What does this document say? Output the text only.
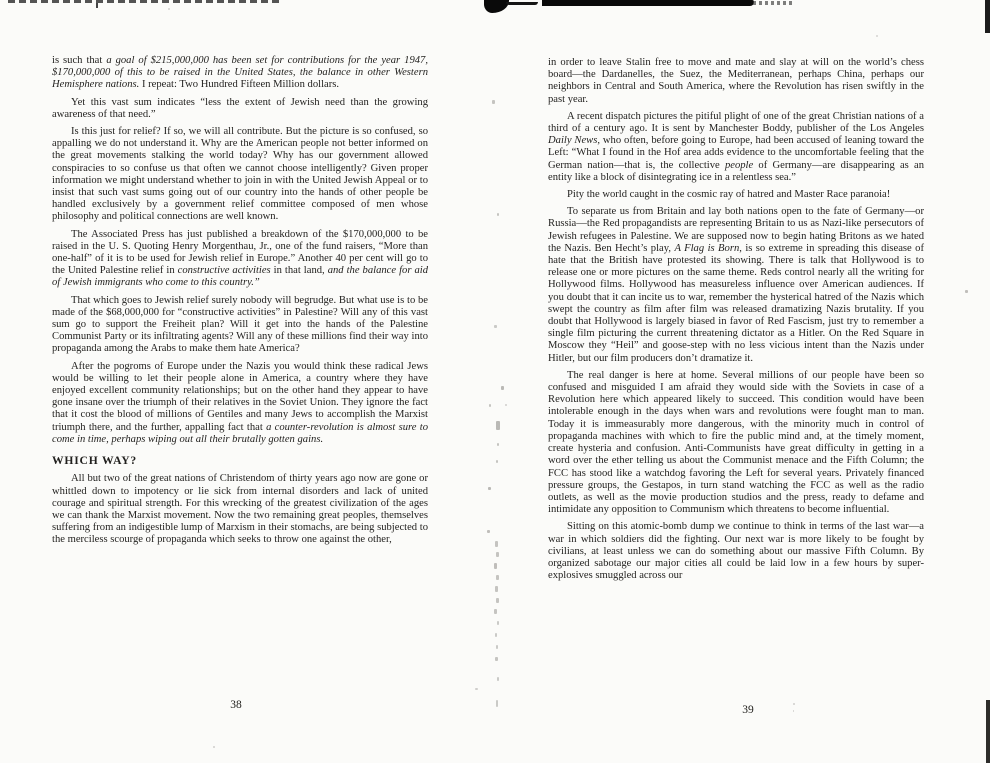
is such that a goal of $215,000,000 has been set for contributions for the year 1947, $170,000,000 of this to be raised in the United States, the balance in other Western Hemisphere nations. I repeat: Two Hundred Fifteen Million dollars.

Yet this vast sum indicates “less the extent of Jewish need than the growing awareness of that need.”

Is this just for relief? If so, we will all contribute. But the picture is so confused, so appalling we do not understand it. Why are the American people not better informed on the great movements stalking the world today? Why has our government allowed conspiracies to so confuse us that often we cannot choose intelligently? Given proper information we might understand whether to join in with the United Jewish Appeal or to insist that such vast sums going out of our country into the hands of other people be handled exclusively by a government relief committee composed of men whose philosophy and political connections are well known.

The Associated Press has just published a breakdown of the $170,000,000 to be raised in the U. S. Quoting Henry Morgenthau, Jr., one of the fund raisers, “More than one-half” of it is to be used for Jewish relief in Europe.” Another 40 per cent will go to the United Palestine relief in constructive activities in that land, and the balance for aid of Jewish immigrants who come to this country.”

That which goes to Jewish relief surely nobody will begrudge. But what use is to be made of the $68,000,000 for “constructive activities” in Palestine? Will any of this vast sum go to support the Freiheit plan? Will it get into the hands of the Palestine Communist Party or its infiltrating agents? Will any of these millions find their way into propaganda among the Arabs to make them hate America?

After the pogroms of Europe under the Nazis you would think these radical Jews would be willing to let their people alone in America, a country where they have enjoyed excellent community relationships; but on the other hand they appear to have gone insane over the triumph of their relatives in the Soviet Union. They ignore the fact that it cost the blood of millions of Gentiles and many Jews to accomplish the Marxist triumph there, and the further, appalling fact that a counter-revolution is almost sure to come in time, perhaps wiping out all their brutally gotten gains.

WHICH WAY?

All but two of the great nations of Christendom of thirty years ago now are gone or whittled down to impotency or lie sick from internal disorders and lack of united courage and spiritual strength. For this wrecking of the greatest civilization of the ages we can thank the Marxist movement. Now the two remaining great peoples, themselves suffering from an indigestible lump of Marxism in their stomachs, are being subjected to the merciless scourge of propaganda which seeks to throw one against the other,

in order to leave Stalin free to move and mate and slay at will on the world’s chess board—the Dardanelles, the Suez, the Mediterranean, perhaps China, perhaps our neighbors in Central and South America, where the Revolution has risen swiftly in the past year.

A recent dispatch pictures the pitiful plight of one of the great Christian nations of a third of a century ago. It is sent by Manchester Boddy, publisher of the Los Angeles Daily News, who often, before going to Europe, had been accused of leaning toward the Left: “What I found in the Hof area adds evidence to the uncomfortable feeling that the German nation—that is, the collective people of Germany—are disappearing as an entity like a block of disintegrating ice in a relentless sea.”

Pity the world caught in the cosmic ray of hatred and Master Race paranoia!

To separate us from Britain and lay both nations open to the fate of Germany—or Russia—the Red propagandists are representing Britain to us as Nazi-like persecutors of Jewish refugees in Palestine. We are supposed now to begin hating Britons as we hated the Nazis. Ben Hecht’s play, A Flag is Born, is so extreme in spreading this disease of hate that the British have protested its showing. There is talk that Hollywood is to release one or more pictures on the same theme. Reds control nearly all the writing for Hollywood films. Hollywood has measureless influence over American audiences. If you doubt that it can incite us to war, remember the hysterical hatred of the Nazis which swept the country as film after film was released dramatizing Nazis brutality. If you doubt that Hollywood is largely biased in favor of Red Fascism, just try to remember a single film picturing the current threatening dictator as a Hitler. On the Red Square in Moscow they “Heil” and goose-step with no less vicious intent than the Nazis under Hitler, but our film producers don’t dramatize it.

The real danger is here at home. Several millions of our people have been so confused and misguided I am afraid they would side with the Soviets in case of a Revolution here which appeared likely to succeed. This condition would have been intolerable enough in the days when wars and revolutions were fought man to man. Today it is immeasurably more dangerous, with the minority much in control of propaganda machines with which to fire the public mind and, at the timely moment, create hysteria and confusion. Anti-Communists have great difficulty in getting in a word over the ether telling us about the Communist menace and the Fifth Column; the FCC has stood like a watchdog favoring the Left for several years. Privately financed pressure groups, the Gestapos, in turn stand watching the FCC as well as the radio outlets, as well as the movie production studios and the press, ready to defame and intimidate any opposition to Communism which threatens to become influential.

Sitting on this atomic-bomb dump we continue to think in terms of the last war—a war in which soldiers did the fighting. Our next war is more likely to be fought by civilians, at least unless we can do something about our massive Fifth Column. By organized sabotage our major cities all could be laid low in a few hours by super-explosives smuggled across our

38	39
